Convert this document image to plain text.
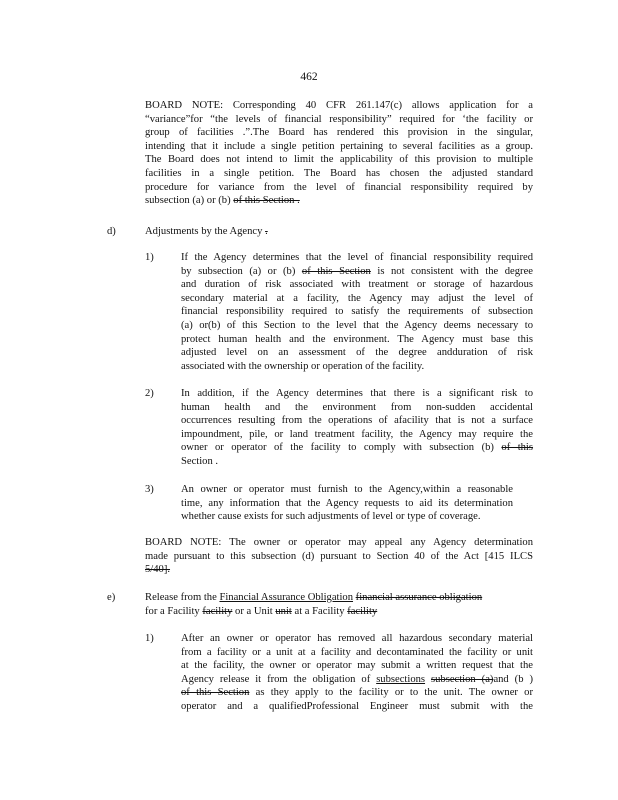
462
BOARD NOTE: Corresponding 40 CFR 261.147(c) allows application for a
“variance”for “the levels of financial responsibility” required for ‘the facility or
group of facilities .”.The Board has rendered this provision in the singular,
intending that it include a single petition pertaining to several facilities as a group.
The Board does not intend to limit the applicability of this provision to multiple
facilities in a single petition. The Board has chosen the adjusted standard
procedure for variance from the level of financial responsibility required by
subsection (a) or (b) of this Section .
d)	Adjustments by the Agency .
1)	If the Agency determines that the level of financial responsibility required
by subsection (a) or (b) of this Section is not consistent with the degree
and duration of risk associated with treatment or storage of hazardous
secondary material at a facility, the Agency may adjust the level of
financial responsibility required to satisfy the requirements of subsection
(a) or(b) of this Section to the level that the Agency deems necessary to
protect human health and the environment. The Agency must base this
adjusted level on an assessment of the degree andduration of risk
associated with the ownership or operation of the facility.
2)	In addition, if the Agency determines that there is a significant risk to
human health and the environment from non-sudden accidental
occurrences resulting from the operations of afacility that is not a surface
impoundment, pile, or land treatment facility, the Agency may require the
owner or operator of the facility to comply with subsection (b) of this
Section .
3)	An owner or operator must furnish to the Agency,within a reasonable
time, any information that the Agency requests to aid its determination
whether cause exists for such adjustments of level or type of coverage.
BOARD NOTE: The owner or operator may appeal any Agency determination
made pursuant to this subsection (d) pursuant to Section 40 of the Act [415 ILCS
5/40].
e)	Release from the Financial Assurance Obligation financial assurance obligation
for a Facility facility or a Unit unit at a Facility facility
1)	After an owner or operator has removed all hazardous secondary material
from a facility or a unit at a facility and decontaminated the facility or unit
at the facility, the owner or operator may submit a written request that the
Agency release it from the obligation of subsections subsection (a)and (b )
of this Section as they apply to the facility or to the unit. The owner or
operator and a qualifiedProfessional Engineer must submit with the
